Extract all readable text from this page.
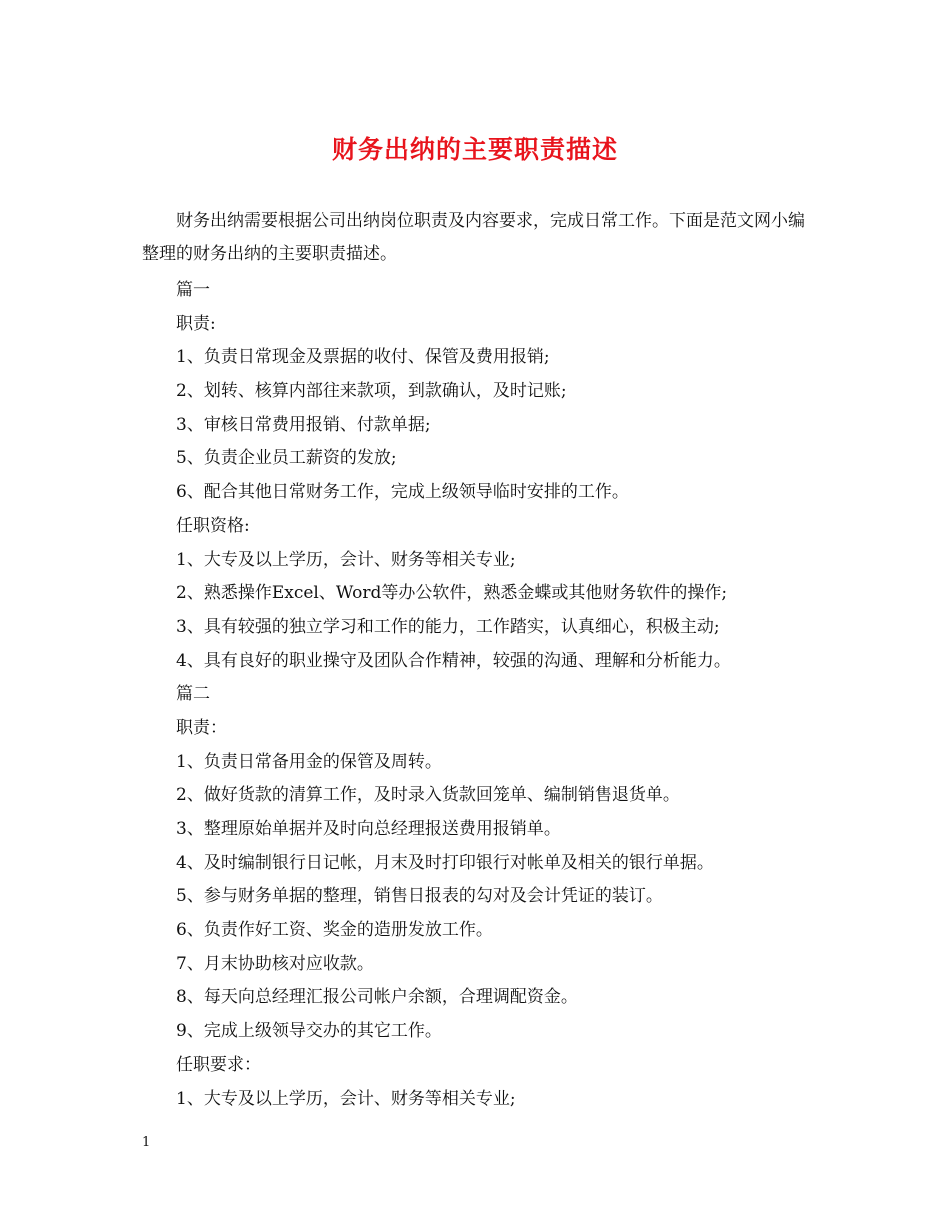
财务出纳的主要职责描述
财务出纳需要根据公司出纳岗位职责及内容要求，完成日常工作。下面是范文网小编整理的财务出纳的主要职责描述。
篇一
职责:
1、负责日常现金及票据的收付、保管及费用报销;
2、划转、核算内部往来款项，到款确认，及时记账;
3、审核日常费用报销、付款单据;
5、负责企业员工薪资的发放;
6、配合其他日常财务工作，完成上级领导临时安排的工作。
任职资格:
1、大专及以上学历，会计、财务等相关专业;
2、熟悉操作Excel、Word等办公软件，熟悉金蝶或其他财务软件的操作;
3、具有较强的独立学习和工作的能力，工作踏实，认真细心，积极主动;
4、具有良好的职业操守及团队合作精神，较强的沟通、理解和分析能力。
篇二
职责：
1、负责日常备用金的保管及周转。
2、做好货款的清算工作，及时录入货款回笼单、编制销售退货单。
3、整理原始单据并及时向总经理报送费用报销单。
4、及时编制银行日记帐，月末及时打印银行对帐单及相关的银行单据。
5、参与财务单据的整理，销售日报表的勾对及会计凭证的装订。
6、负责作好工资、奖金的造册发放工作。
7、月末协助核对应收款。
8、每天向总经理汇报公司帐户余额，合理调配资金。
9、完成上级领导交办的其它工作。
任职要求：
1、大专及以上学历，会计、财务等相关专业;
1
